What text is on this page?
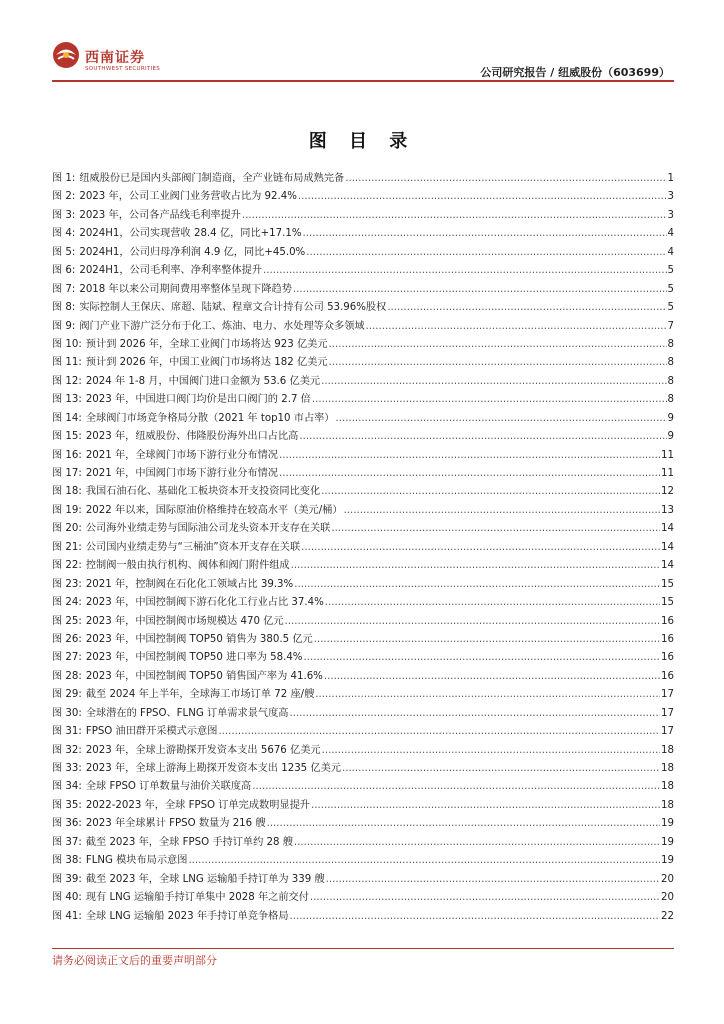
西南证券
SOUTHWEST SECURITIES	公司研究报告 / 纽威股份（603699）
图 目 录
图 1: 纽威股份已是国内头部阀门制造商，全产业链布局成熟完备 .....	1
图 2: 2023 年，公司工业阀门业务营收占比为 92.4% .....	3
图 3: 2023 年，公司各产品线毛利率提升 .....	3
图 4: 2024H1，公司实现营收 28.4 亿，同比+17.1% .....	4
图 5: 2024H1，公司归母净利润 4.9 亿，同比+45.0% .....	4
图 6: 2024H1，公司毛利率、净利率整体提升 .....	5
图 7: 2018 年以来公司期间费用率整体呈现下降趋势 .....	5
图 8: 实际控制人王保庆、席超、陆斌、程章文合计持有公司 53.96%股权 .....	5
图 9: 阀门产业下游广泛分布于化工、炼油、电力、水处理等众多领域 .....	7
图 10: 预计到 2026 年，全球工业阀门市场将达 923 亿美元 .....	8
图 11: 预计到 2026 年，中国工业阀门市场将达 182 亿美元 .....	8
图 12: 2024 年 1-8 月，中国阀门进口金额为 53.6 亿美元 .....	8
图 13: 2023 年，中国进口阀门均价是出口阀门的 2.7 倍 .....	8
图 14: 全球阀门市场竞争格局分散（2021 年 top10 市占率） .....	9
图 15: 2023 年，纽威股份、伟隆股份海外出口占比高 .....	9
图 16: 2021 年，全球阀门市场下游行业分布情况 .....	11
图 17: 2021 年，中国阀门市场下游行业分布情况 .....	11
图 18: 我国石油石化、基础化工板块资本开支投资同比变化 .....	12
图 19: 2022 年以来，国际原油价格维持在较高水平（美元/桶） .....	13
图 20: 公司海外业绩走势与国际油公司龙头资本开支存在关联 .....	14
图 21: 公司国内业绩走势与“三桶油”资本开支存在关联 .....	14
图 22: 控制阀一般由执行机构、阀体和阀门附件组成 .....	14
图 23: 2021 年，控制阀在石化化工领域占比 39.3% .....	15
图 24: 2023 年，中国控制阀下游石化化工行业占比 37.4% .....	15
图 25: 2023 年，中国控制阀市场规模达 470 亿元 .....	16
图 26: 2023 年，中国控制阀 TOP50 销售为 380.5 亿元 .....	16
图 27: 2023 年，中国控制阀 TOP50 进口率为 58.4% .....	16
图 28: 2023 年，中国控制阀 TOP50 销售国产率为 41.6% .....	16
图 29: 截至 2024 年上半年，全球海工市场订单 72 座/艘 .....	17
图 30: 全球潜在的 FPSO、FLNG 订单需求景气度高 .....	17
图 31: FPSO 油田群开采模式示意图 .....	17
图 32: 2023 年，全球上游勘探开发资本支出 5676 亿美元 .....	18
图 33: 2023 年，全球上游海上勘探开发资本支出 1235 亿美元 .....	18
图 34: 全球 FPSO 订单数量与油价关联度高 .....	18
图 35: 2022-2023 年，全球 FPSO 订单完成数明显提升 .....	18
图 36: 2023 年全球累计 FPSO 数量为 216 艘 .....	19
图 37: 截至 2023 年，全球 FPSO 手持订单约 28 艘 .....	19
图 38: FLNG 模块布局示意图 .....	19
图 39: 截至 2023 年，全球 LNG 运输船手持订单为 339 艘 .....	20
图 40: 现有 LNG 运输船手持订单集中 2028 年之前交付 .....	20
图 41: 全球 LNG 运输船 2023 年手持订单竞争格局 .....	22
请务必阅读正文后的重要声明部分
